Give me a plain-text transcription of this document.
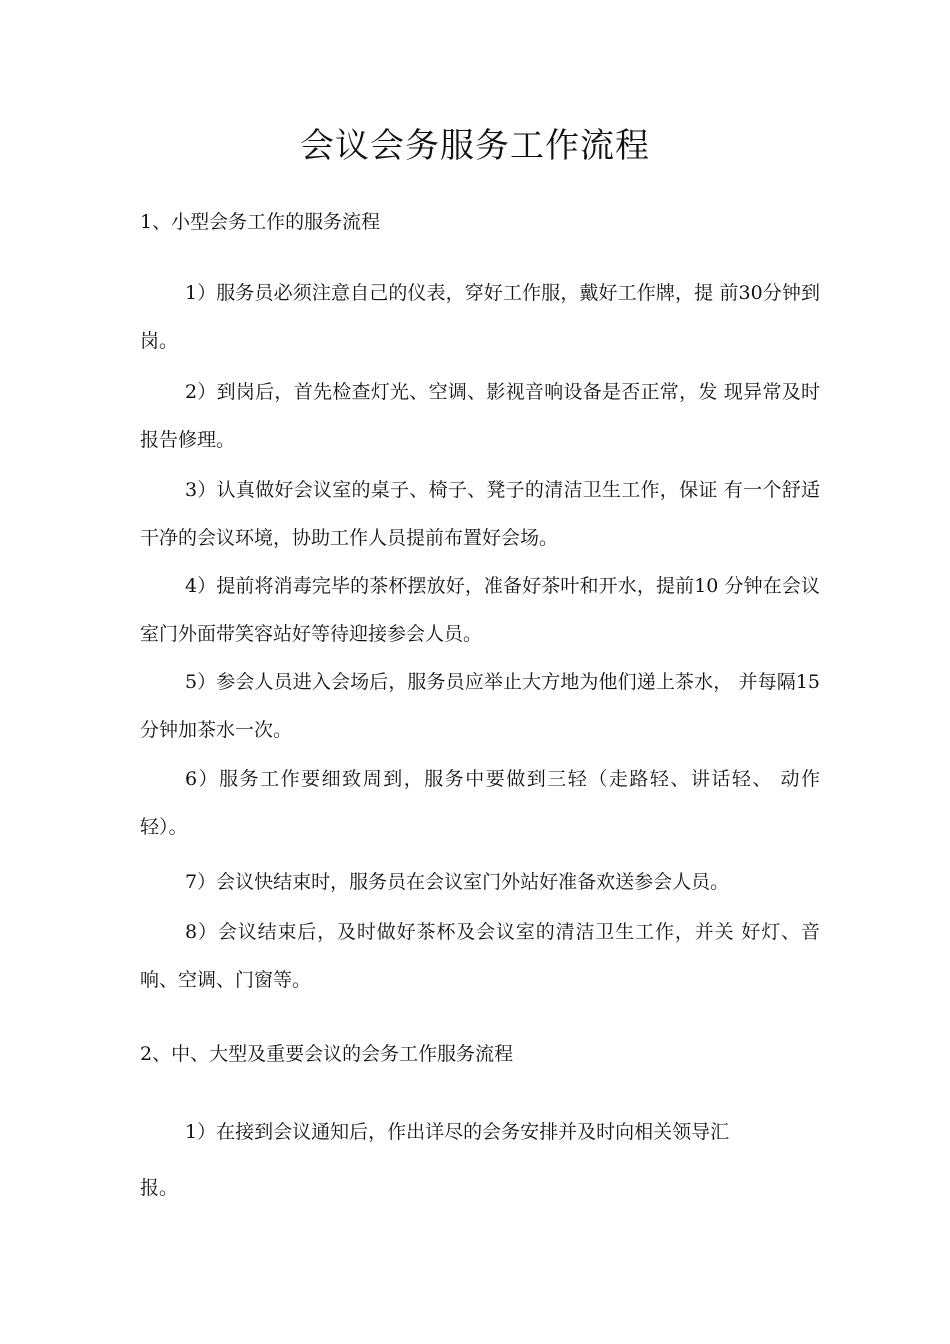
会议会务服务工作流程
1、小型会务工作的服务流程

1）服务员必须注意自己的仪表，穿好工作服，戴好工作牌，提 前30分钟到岗。

2）到岗后，首先检查灯光、空调、影视音响设备是否正常，发 现异常及时报告修理。

3）认真做好会议室的桌子、椅子、凳子的清洁卫生工作，保证 有一个舒适干净的会议环境，协助工作人员提前布置好会场。

4）提前将消毒完毕的茶杯摆放好，准备好茶叶和开水，提前10 分钟在会议室门外面带笑容站好等待迎接参会人员。

5）参会人员进入会场后，服务员应举止大方地为他们递上茶水， 并每隔15分钟加茶水一次。

6）服务工作要细致周到，服务中要做到三轻（走路轻、讲话轻、 动作轻）。

7）会议快结束时，服务员在会议室门外站好准备欢送参会人员。

8）会议结束后，及时做好茶杯及会议室的清洁卫生工作，并关 好灯、音响、空调、门窗等。

2、中、大型及重要会议的会务工作服务流程

1）在接到会议通知后，作出详尽的会务安排并及时向相关领导汇报。
